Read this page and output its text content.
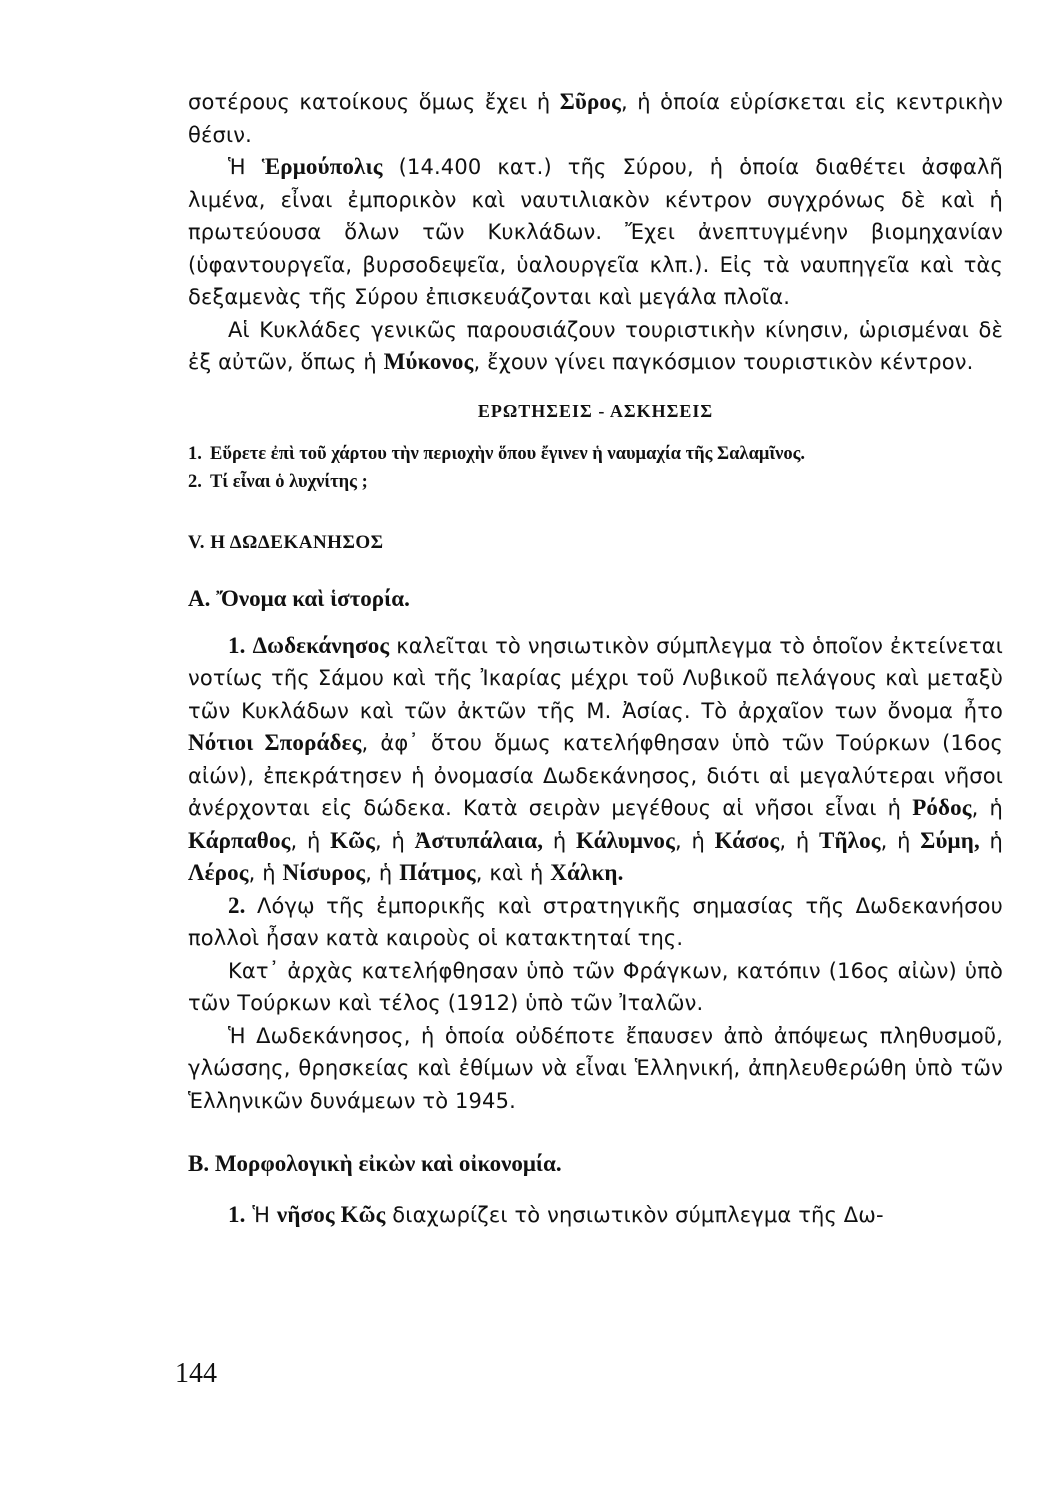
σοτέρους κατοίκους ὅμως ἔχει ἡ Σῦρος, ἡ ὁποία εὑρίσκεται εἰς κεντρικὴν θέσιν.

Ἡ Ἑρμούπολις (14.400 κατ.) τῆς Σύρου, ἡ ὁποία διαθέτει ἀσφαλῆ λιμένα, εἶναι ἐμπορικὸν καὶ ναυτιλιακὸν κέντρον συγχρόνως δὲ καὶ ἡ πρωτεύουσα ὅλων τῶν Κυκλάδων. Ἔχει ἀνεπτυγμένην βιομηχανίαν (ὑφαντουργεῖα, βυρσοδεψεῖα, ὑαλουργεῖα κλπ.). Εἰς τὰ ναυπηγεῖα καὶ τὰς δεξαμενὰς τῆς Σύρου ἐπισκευάζονται καὶ μεγάλα πλοῖα.

Αἱ Κυκλάδες γενικῶς παρουσιάζουν τουριστικὴν κίνησιν, ὡρισμέναι δὲ ἐξ αὐτῶν, ὅπως ἡ Μύκονος, ἔχουν γίνει παγκόσμιον τουριστικὸν κέντρον.

ΕΡΩΤΗΣΕΙΣ - ΑΣΚΗΣΕΙΣ

1. Εὕρετε ἐπὶ τοῦ χάρτου τὴν περιοχὴν ὅπου ἔγινεν ἡ ναυμαχία τῆς Σαλαμῖνος.

2. Τί εἶναι ὁ λυχνίτης ;

V. Η ΔΩΔΕΚΑΝΗΣΟΣ
Α. Ὄνομα καὶ ἱστορία.

1. Δωδεκάνησος καλεῖται τὸ νησιωτικὸν σύμπλεγμα τὸ ὁποῖον ἐκτείνεται νοτίως τῆς Σάμου καὶ τῆς Ἰκαρίας μέχρι τοῦ Λυβικοῦ πελάγους καὶ μεταξὺ τῶν Κυκλάδων καὶ τῶν ἀκτῶν τῆς Μ. Ἀσίας. Τὸ ἀρχαῖον των ὄνομα ἦτο Νότιοι Σποράδες, ἀφ᾽ ὅτου ὅμως κατελήφθησαν ὑπὸ τῶν Τούρκων (16ος αἰών), ἐπεκράτησεν ἡ ὀνομασία Δωδεκάνησος, διότι αἱ μεγαλύτεραι νῆσοι ἀνέρχονται εἰς δώδεκα. Κατὰ σειρὰν μεγέθους αἱ νῆσοι εἶναι ἡ Ρόδος, ἡ Κάρπαθος, ἡ Κῶς, ἡ Ἀστυπάλαια, ἡ Κάλυμνος, ἡ Κάσος, ἡ Τῆλος, ἡ Σύμη, ἡ Λέρος, ἡ Νίσυρος, ἡ Πάτμος, καὶ ἡ Χάλκη.

2. Λόγῳ τῆς ἐμπορικῆς καὶ στρατηγικῆς σημασίας τῆς Δωδεκανήσου πολλοὶ ἦσαν κατὰ καιροὺς οἱ κατακτηταί της.

Κατ᾽ ἀρχὰς κατελήφθησαν ὑπὸ τῶν Φράγκων, κατόπιν (16ος αἰὼν) ὑπὸ τῶν Τούρκων καὶ τέλος (1912) ὑπὸ τῶν Ἰταλῶν.

Ἡ Δωδεκάνησος, ἡ ὁποία οὐδέποτε ἔπαυσεν ἀπὸ ἀπόψεως πληθυσμοῦ, γλώσσης, θρησκείας καὶ ἐθίμων νὰ εἶναι Ἑλληνική, ἀπηλευθερώθη ὑπὸ τῶν Ἑλληνικῶν δυνάμεων τὸ 1945.

Β. Μορφολογικὴ εἰκὼν καὶ οἰκονομία.

1. Ἡ νῆσος Κῶς διαχωρίζει τὸ νησιωτικὸν σύμπλεγμα τῆς Δω-

144
